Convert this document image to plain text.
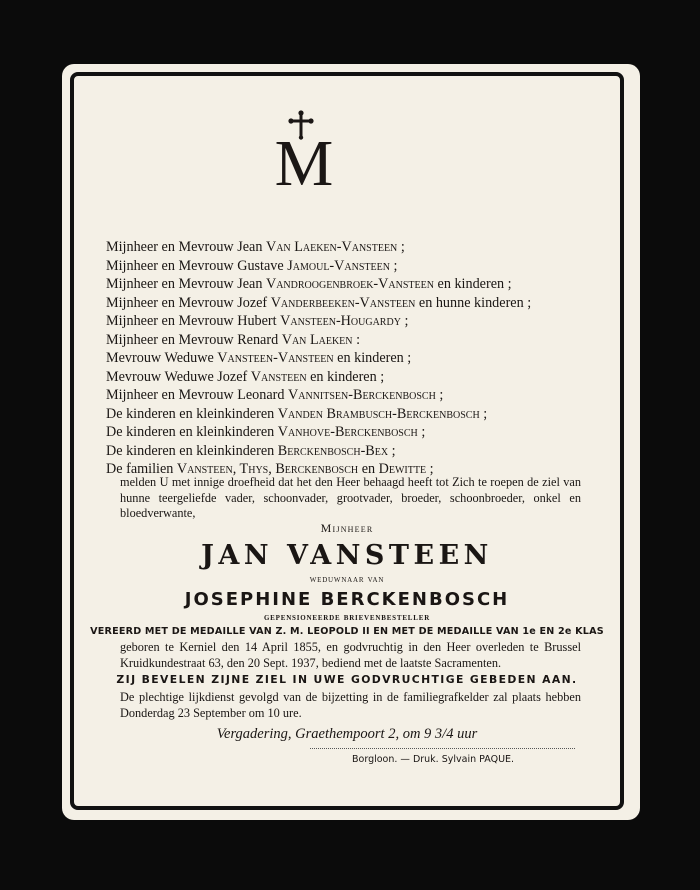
M
Mijnheer en Mevrouw Jean Van Laeken-Vansteen ;
Mijnheer en Mevrouw Gustave Jamoul-Vansteen ;
Mijnheer en Mevrouw Jean Vandroogenbroek-Vansteen en kinderen ;
Mijnheer en Mevrouw Jozef Vanderbeeken-Vansteen en hunne kinderen ;
Mijnheer en Mevrouw Hubert Vansteen-Hougardy ;
Mijnheer en Mevrouw Renard Van Laeken :
Mevrouw Weduwe Vansteen-Vansteen en kinderen ;
Mevrouw Weduwe Jozef Vansteen en kinderen ;
Mijnheer en Mevrouw Leonard Vannitsen-Berckenbosch ;
De kinderen en kleinkinderen Vanden Brambusch-Berckenbosch ;
De kinderen en kleinkinderen Vanhove-Berckenbosch ;
De kinderen en kleinkinderen Berckenbosch-Bex ;
De familien Vansteen, Thys, Berckenbosch en Dewitte ;
melden U met innige droefheid dat het den Heer behaagd heeft tot Zich te roepen de ziel van hunne teergeliefde vader, schoonvader, grootvader, broeder, schoonbroeder, onkel en bloedverwante,
Mijnheer
JAN VANSTEEN
weduwnaar van
JOSEPHINE BERCKENBOSCH
gepensioneerde brievenbesteller
VEREERD MET DE MEDAILLE VAN Z. M. LEOPOLD II EN MET DE MEDAILLE VAN 1e EN 2e KLAS
geboren te Kerniel den 14 April 1855, en godvruchtig in den Heer overleden te Brussel Kruidkundestraat 63, den 20 Sept. 1937, bediend met de laatste Sacramenten.
ZIJ BEVELEN ZIJNE ZIEL IN UWE GODVRUCHTIGE GEBEDEN AAN.
De plechtige lijkdienst gevolgd van de bijzetting in de familiegrafkelder zal plaats hebben Donderdag 23 September om 10 ure.
Vergadering, Graethempoort 2, om 9 3/4 uur
Borgloon. — Druk. Sylvain PAQUE.
